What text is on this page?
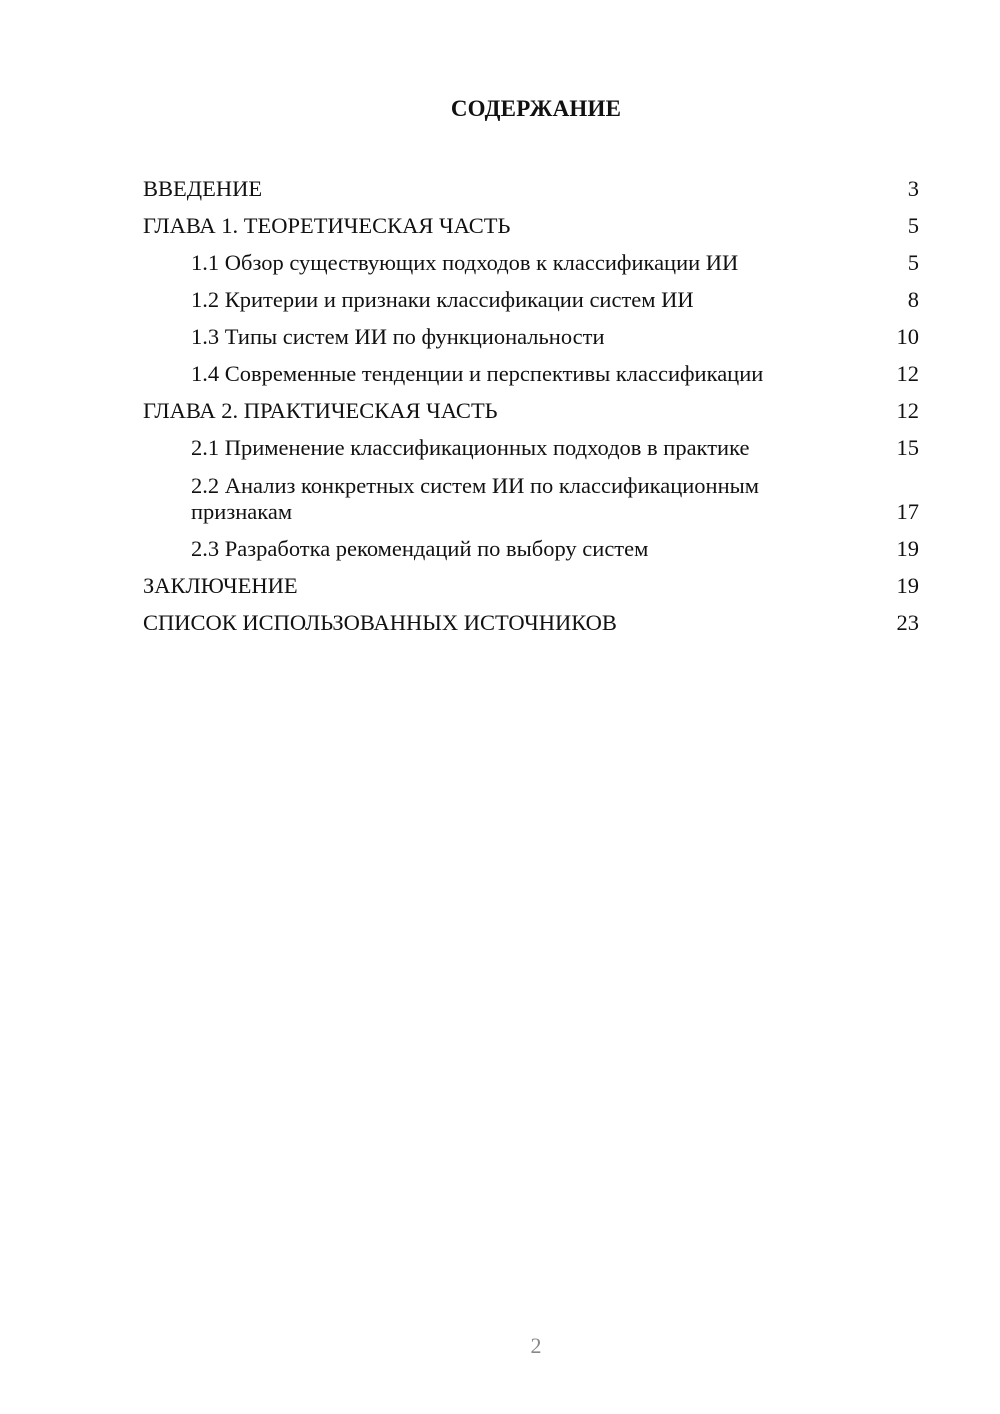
СОДЕРЖАНИЕ
ВВЕДЕНИЕ	3
ГЛАВА 1. ТЕОРЕТИЧЕСКАЯ ЧАСТЬ	5
1.1 Обзор существующих подходов к классификации ИИ	5
1.2 Критерии и признаки классификации систем ИИ	8
1.3 Типы систем ИИ по функциональности	10
1.4 Современные тенденции и перспективы классификации	12
ГЛАВА 2. ПРАКТИЧЕСКАЯ ЧАСТЬ	12
2.1 Применение классификационных подходов в практике	15
2.2 Анализ конкретных систем ИИ по классификационным признакам	17
2.3 Разработка рекомендаций по выбору систем	19
ЗАКЛЮЧЕНИЕ	19
СПИСОК ИСПОЛЬЗОВАННЫХ ИСТОЧНИКОВ	23
2
